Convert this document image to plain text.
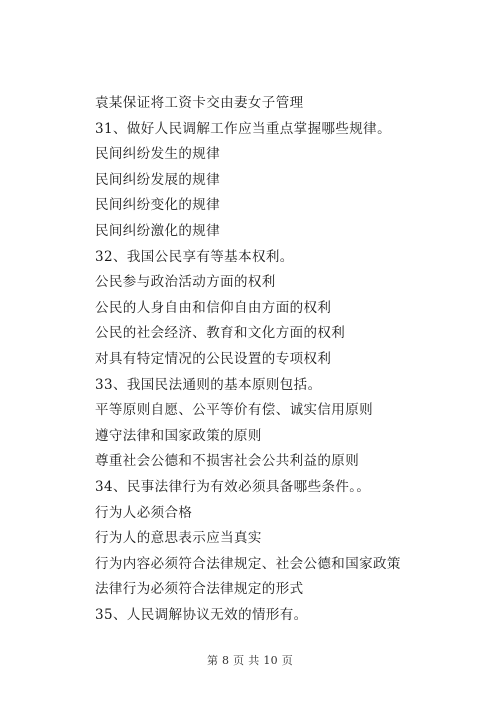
袁某保证将工资卡交由妻女子管理
31、做好人民调解工作应当重点掌握哪些规律。
民间纠纷发生的规律
民间纠纷发展的规律
民间纠纷变化的规律
民间纠纷激化的规律
32、我国公民享有等基本权利。
公民参与政治活动方面的权利
公民的人身自由和信仰自由方面的权利
公民的社会经济、教育和文化方面的权利
对具有特定情况的公民设置的专项权利
33、我国民法通则的基本原则包括。
平等原则自愿、公平等价有偿、诚实信用原则
遵守法律和国家政策的原则
尊重社会公德和不损害社会公共利益的原则
34、民事法律行为有效必须具备哪些条件。。
行为人必须合格
行为人的意思表示应当真实
行为内容必须符合法律规定、社会公德和国家政策
法律行为必须符合法律规定的形式
35、人民调解协议无效的情形有。
第 8 页 共 10 页
